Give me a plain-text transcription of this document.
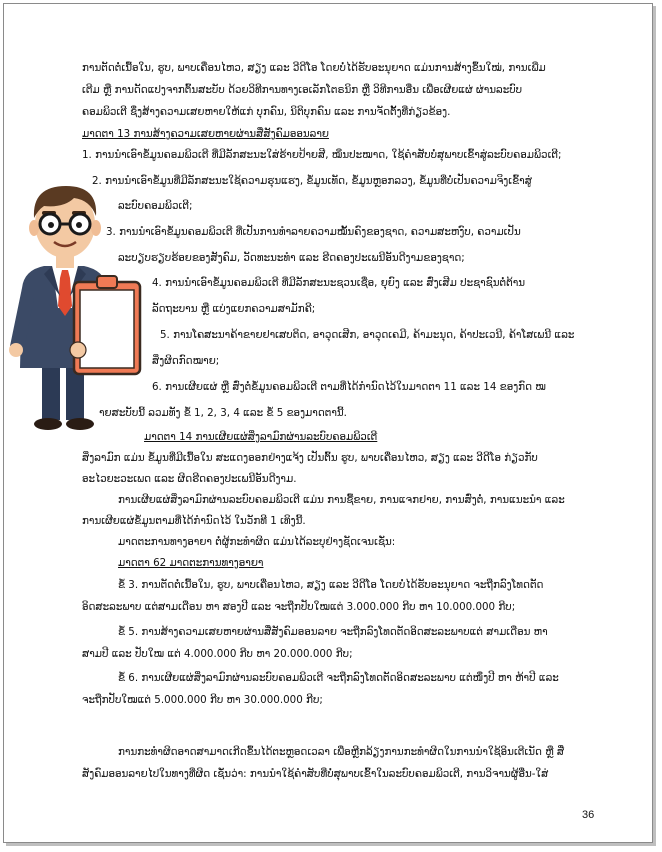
ການຕັດຕໍ່ເນື້ອໃນ, ຮູບ, ພາບເຄື່ອນໄຫວ, ສຽງ ແລະ ວີດີໂອ ໂດຍບໍ່ໄດ້ຮັບອະນຸຍາດ ແມ່ນການສ້າງຂຶ້ນໃໝ່, ການເພີ່ມ
ເຕີມ ຫຼື ການດັດແປງຈາກຕົ້ນສະບັບ ດ້ວຍວິທີການທາງເອເລັກໂຕຣນິກ ຫຼື ວິທີການອື່ນ ເພື່ອເຜີຍແຜ່ ຜ່ານລະບົບ
ຄອມພິວເຕີ ຊຶ່ງສ້າງຄວາມເສຍຫາຍໃຫ້ແກ່ ບຸກຄົນ, ນິຕິບຸກຄົນ ແລະ ການຈັດຕັ້ງທີ່ກ່ຽວຂ້ອງ.
ມາດຕາ 13 ການສ້າງຄວາມເສຍຫາຍຜ່ານສື່ສັງຄົມອອນລາຍ
1. ການນໍາເອົາຂໍ້ມູນຄອມພິວເຕີ ທີ່ມີລັກສະນະໃສ່ຮ້າຍປ້າຍສີ, ໝິ່ນປະໝາດ, ໃຊ້ຄໍາສັບບໍ່ສຸພາບເຂົ້າສູ່ລະບົບຄອມພິວເຕີ;
2. ການນໍາເອົາຂໍ້ມູນທີ່ມີລັກສະນະໃຊ້ຄວາມຮຸນແຮງ, ຂໍ້ມູນເທັດ, ຂໍ້ມູນຫຼອກລວງ, ຂໍ້ມູນທີ່ບໍ່ເປັນຄວາມຈິງເຂົ້າສູ່
ລະບົບຄອມພິວເຕີ;
3. ການນໍາເອົາຂໍ້ມູນຄອມພິວເຕີ ທີ່ເປັນການທໍາລາຍຄວາມໝັ້ນຄົງຂອງຊາດ, ຄວາມສະຫງົບ, ຄວາມເປັນ
ລະບຽບຮຽບຮ້ອຍຂອງສັງຄົມ, ວັດທະນະທໍາ ແລະ ຮີດຄອງປະເພນີອັນດີງາມຂອງຊາດ;
4. ການນໍາເອົາຂໍ້ມູນຄອມພິວເຕີ ທີ່ມີລັກສະນະຊວນເຊື່ອ, ຍຸຍົງ ແລະ ສົ່ງເສີມ ປະຊາຊົນຕໍ່ຕ້ານ
ລັດຖະບານ ຫຼື ແບ່ງແຍກຄວາມສາມັກຄີ;
5. ການໂຄສະນາຄ້າຂາຍຢາເສບຕິດ, ອາວຸດເສີກ, ອາວຸດເຄມີ, ຄ້າມະນຸດ, ຄ້າປະເວນີ, ຄ້າໂສເພນີ ແລະ
ສິ່ງຜິດກົດໝາຍ;
6. ການເຜີຍແຜ່ ຫຼື ສົ່ງຕໍ່ຂໍ້ມູນຄອມພິວເຕີ ຕາມທີ່ໄດ້ກໍານົດໄວ້ໃນມາດຕາ 11 ແລະ 14 ຂອງກົດ ໝ
າຍສະບັບນີ້ ລວມທັງ ຂໍ້ 1, 2, 3, 4 ແລະ ຂໍ້ 5 ຂອງມາດຕານີ້.
ມາດຕາ 14 ການເຜີຍແຜ່ສິ່ງລາມົກຜ່ານລະບົບຄອມພິວເຕີ
ສິ່ງລາມົກ ແມ່ນ ຂໍ້ມູນທີ່ມີເນື້ອໃນ ສະແດງອອກຢ່າງແຈ້ງ ເປັນຕົ້ນ ຮູບ, ພາບເຄື່ອນໄຫວ, ສຽງ ແລະ ວີດີໂອ ກ່ຽວກັບ
ອະໄວຍະວະເພດ ແລະ ຜິດຮີດຄອງປະເພນີອັນດີງາມ.
ການເຜີຍແຜ່ສິ່ງລາມົກຜ່ານລະບົບຄອມພິວເຕີ ແມ່ນ ການຊື້ຂາຍ, ການແຈກຢາຍ, ການສົ່ງຕໍ່, ການແນະນໍາ ແລະ
ການເຜີຍແຜ່ຂໍ້ມູນຕາມທີ່ໄດ້ກໍານົດໄວ້ ໃນວັກທີ 1 ເທິງນີ້.
ມາດຕະການທາງອາຍາ ຕໍ່ຜູ້ກະທໍາຜິດ ແມ່ນໄດ້ລະບຸຢ່າງຊັດເຈນເຊັ່ນ:
ມາດຕາ 62 ມາດຕະການທາງອາຍາ
ຂໍ້ 3. ການຕັດຕໍ່ເນື້ອໃນ, ຮູບ, ພາບເຄື່ອນໄຫວ, ສຽງ ແລະ ວີດີໂອ ໂດຍບໍ່ໄດ້ຮັບອະນຸຍາດ ຈະຖືກລົງໂທດຕັດ
ອິດສະລະພາບ ແຕ່ສາມເດືອນ ຫາ ສອງປີ ແລະ ຈະຖືກປັບໃໝແຕ່ 3.000.000 ກີບ ຫາ 10.000.000 ກີບ;
ຂໍ້ 5. ການສ້າງຄວາມເສຍຫາຍຜ່ານສື່ສັງຄົມອອນລາຍ ຈະຖືກລົງໂທດຕັດອິດສະລະພາບແຕ່ ສາມເດືອນ ຫາ
ສາມປີ ແລະ ປັບໃໝ ແຕ່ 4.000.000 ກີບ ຫາ 20.000.000 ກີບ;
ຂໍ້ 6. ການເຜີຍແຜ່ສິ່ງລາມົກຜ່ານລະບົບຄອມພິວເຕີ ຈະຖືກລົງໂທດຕັດອິດສະລະພາບ ແຕ່ໜຶ່ງປີ ຫາ ຫ້າປີ ແລະ
ຈະຖືກປັບໃໝແຕ່ 5.000.000 ກີບ ຫາ 30.000.000 ກີບ;
ການກະທໍາຜິດອາດສາມາດເກີດຂຶ້ນໄດ້ຕະຫຼອດເວລາ ເພື່ອຫຼີກລ້ຽງການກະທໍາຜິດໃນການນໍາໃຊ້ອິນເຕີເນັດ ຫຼື ສື່
ສັງຄົມອອນລາຍໄປໃນທາງທີ່ຜິດ ເຊັ່ນວ່າ: ການນໍາໃຊ້ຄໍາສັບທີ່ບໍ່ສຸພາບເຂົ້າໃນລະບົບຄອມພິວເຕີ, ການວິຈານຜູ້ອື່ນ-ໃສ່
36
